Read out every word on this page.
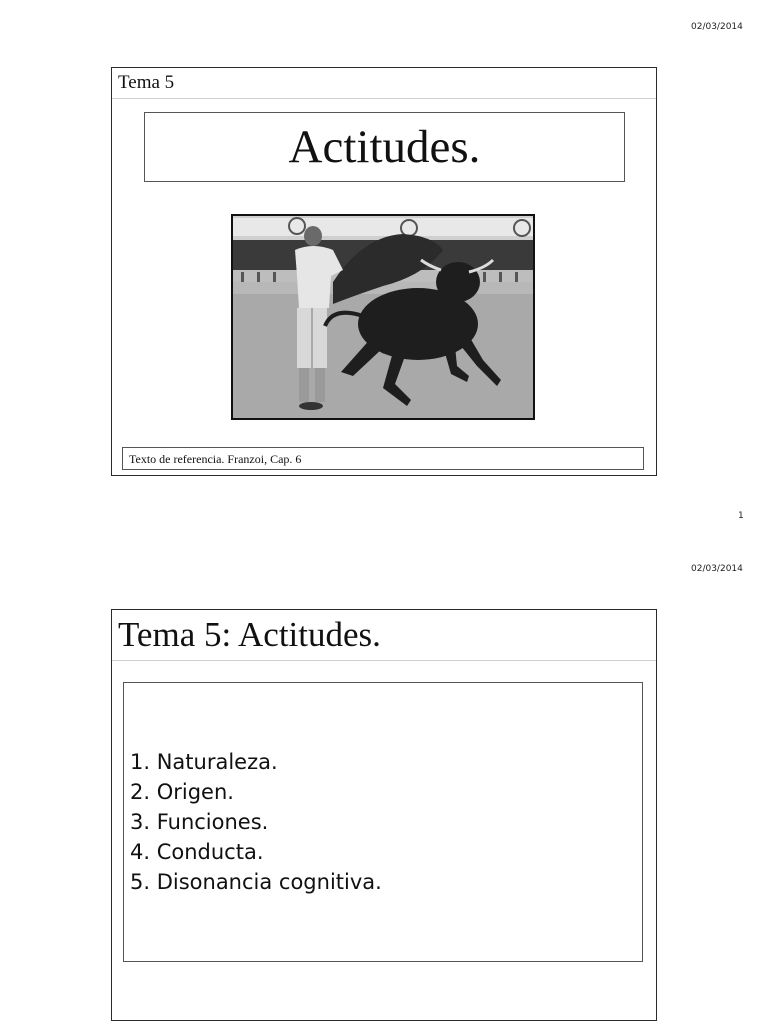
02/03/2014
Tema 5
Actitudes.
Texto de referencia. Franzoi, Cap. 6
1
02/03/2014
Tema 5: Actitudes.
1. Naturaleza.
2. Origen.
3. Funciones.
4. Conducta.
5. Disonancia cognitiva.
